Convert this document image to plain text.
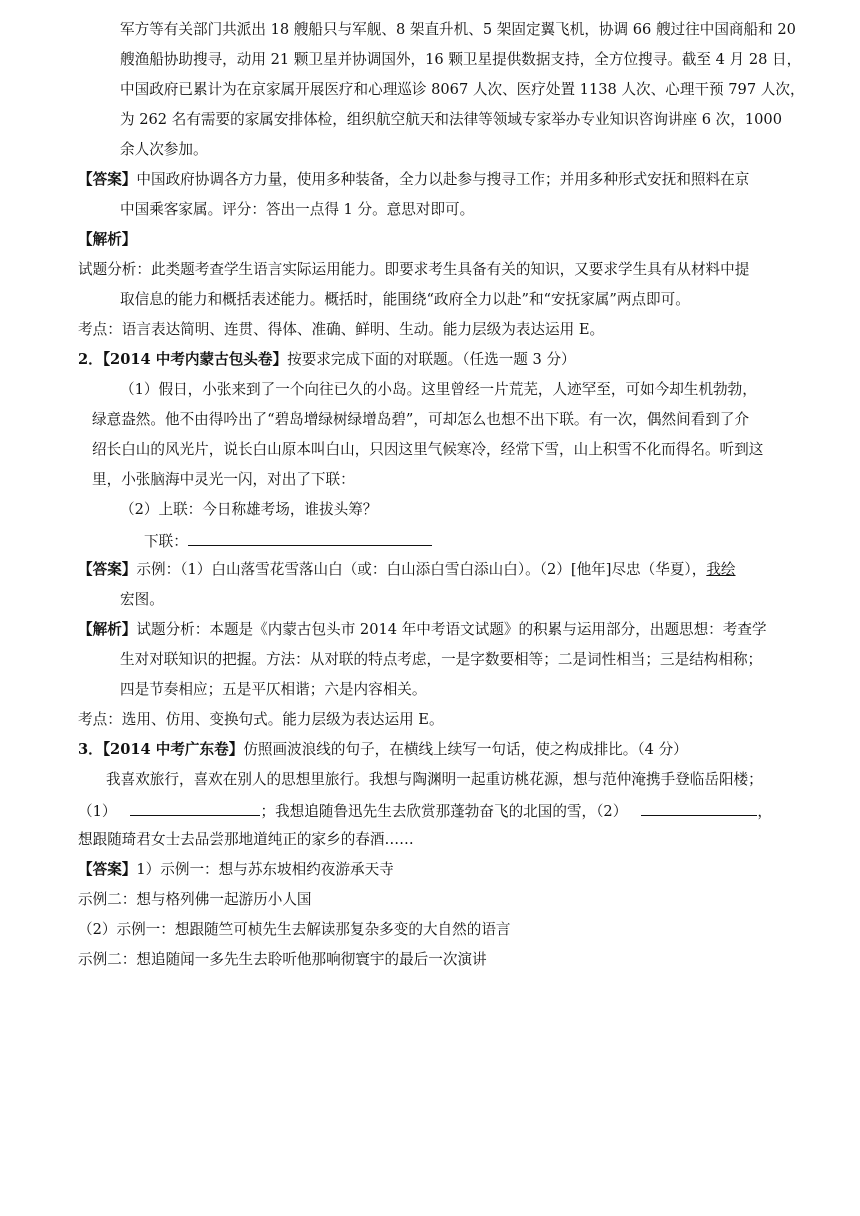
军方等有关部门共派出 18 艘船只与军舰、8 架直升机、5 架固定翼飞机，协调 66 艘过往中国商船和 20
艘渔船协助搜寻，动用 21 颗卫星并协调国外，16 颗卫星提供数据支持，全方位搜寻。截至 4 月 28 日，
中国政府已累计为在京家属开展医疗和心理巡诊 8067 人次、医疗处置 1138 人次、心理干预 797 人次，
为 262 名有需要的家属安排体检，组织航空航天和法律等领域专家举办专业知识咨询讲座 6 次，1000
余人次参加。
【答案】中国政府协调各方力量，使用多种装备，全力以赴参与搜寻工作；并用多种形式安抚和照料在京
中国乘客家属。评分：答出一点得 1 分。意思对即可。
【解析】
试题分析：此类题考查学生语言实际运用能力。即要求考生具备有关的知识，又要求学生具有从材料中提
取信息的能力和概括表述能力。概括时，能围绕“政府全力以赴”和“安抚家属”两点即可。
考点：语言表达简明、连贯、得体、准确、鲜明、生动。能力层级为表达运用 E。
2．【2014 中考内蒙古包头卷】按要求完成下面的对联题。（任选一题 3 分）
（1）假日，小张来到了一个向往已久的小岛。这里曾经一片荒芜，人迹罕至，可如今却生机勃勃，
绿意盎然。他不由得吟出了“碧岛增绿树绿增岛碧”，可却怎么也想不出下联。有一次，偶然间看到了介
绍长白山的风光片，说长白山原本叫白山，只因这里气候寒冷，经常下雪，山上积雪不化而得名。听到这
里，小张脑海中灵光一闪，对出了下联：
（2）上联：今日称雄考场，谁拔头筹？
下联：
【答案】示例：（1）白山落雪花雪落山白（或：白山添白雪白添山白）。（2）[他年]尽忠（华夏），我绘
宏图。
【解析】试题分析：本题是《内蒙古包头市 2014 年中考语文试题》的积累与运用部分，出题思想：考查学
生对对联知识的把握。方法：从对联的特点考虑，一是字数要相等；二是词性相当；三是结构相称；
四是节奏相应；五是平仄相谐；六是内容相关。
考点：选用、仿用、变换句式。能力层级为表达运用 E。
3．【2014 中考广东卷】仿照画波浪线的句子，在横线上续写一句话，使之构成排比。（4 分）
我喜欢旅行，喜欢在别人的思想里旅行。我想与陶渊明一起重访桃花源，想与范仲淹携手登临岳阳楼；
（1）	；我想追随鲁迅先生去欣赏那蓬勃奋飞的北国的雪，（2）	，
想跟随琦君女士去品尝那地道纯正的家乡的春酒……
【答案】1）示例一：想与苏东坡相约夜游承天寺
示例二：想与格列佛一起游历小人国
（2）示例一：想跟随竺可桢先生去解读那复杂多变的大自然的语言
示例二：想追随闻一多先生去聆听他那响彻寰宇的最后一次演讲
